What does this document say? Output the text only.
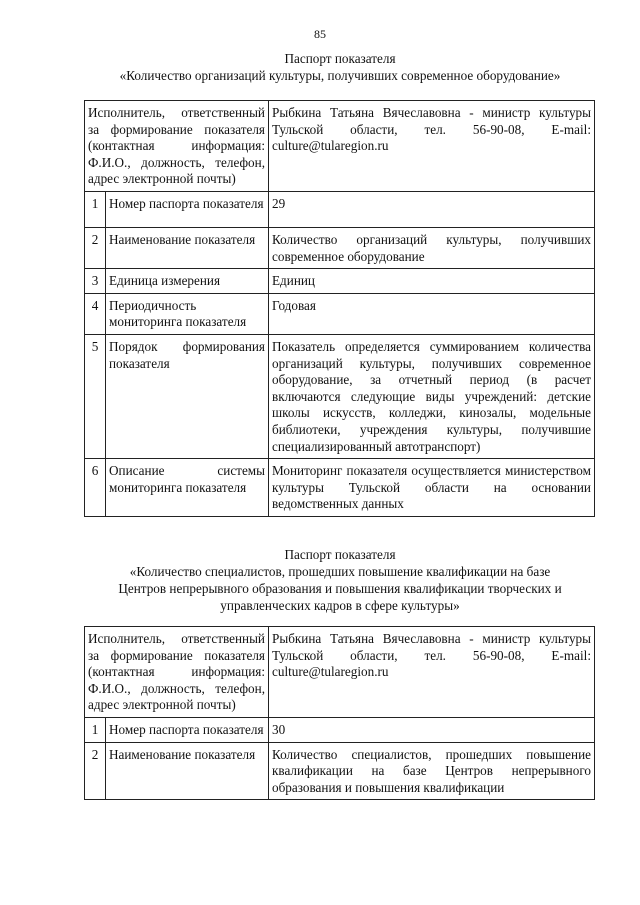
85
Паспорт показателя
«Количество организаций культуры, получивших современное оборудование»
Исполнитель, ответственный за формирование показателя (контактная информация: Ф.И.О., должность, телефон, адрес электронной почты)		Рыбкина Татьяна Вячеславовна - министр культуры Тульской области, тел. 56-90-08, E-mail: culture@tularegion.ru
1	Номер паспорта показателя	29
2	Наименование показателя	Количество организаций культуры, получивших современное оборудование
3	Единица измерения	Единиц
4	Периодичность мониторинга показателя	Годовая
5	Порядок формирования показателя	Показатель определяется суммированием количества организаций культуры, получивших современное оборудование, за отчетный период (в расчет включаются следующие виды учреждений: детские школы искусств, колледжи, кинозалы, модельные библиотеки, учреждения культуры, получившие специализированный автотранспорт)
6	Описание системы мониторинга показателя	Мониторинг показателя осуществляется министерством культуры Тульской области на основании ведомственных данных
Паспорт показателя
«Количество специалистов, прошедших повышение квалификации на базе
Центров непрерывного образования и повышения квалификации творческих и
управленческих кадров в сфере культуры»
Исполнитель, ответственный за формирование показателя (контактная информация: Ф.И.О., должность, телефон, адрес электронной почты)		Рыбкина Татьяна Вячеславовна - министр культуры Тульской области, тел. 56-90-08, E-mail: culture@tularegion.ru
1	Номер паспорта показателя	30
2	Наименование показателя	Количество специалистов, прошедших повышение квалификации на базе Центров непрерывного образования и повышения квалификации
